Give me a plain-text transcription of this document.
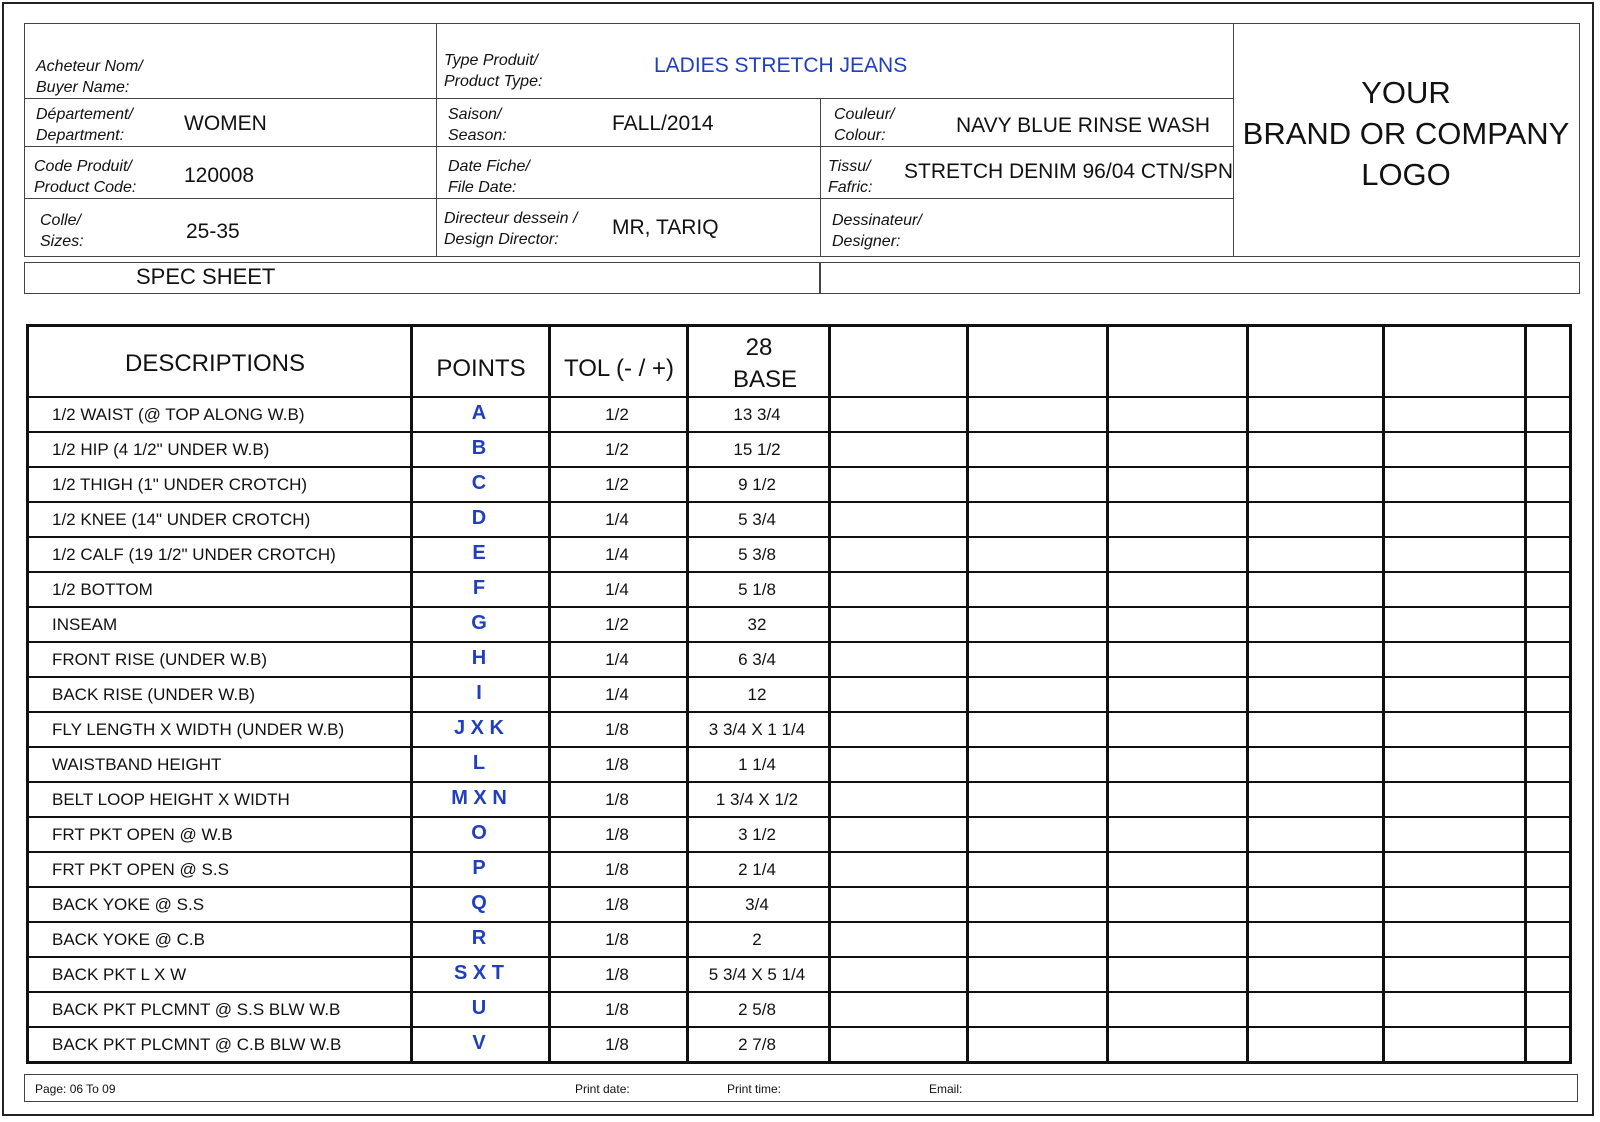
Acheteur Nom/
Buyer Name:
Type Produit/
Product Type:
LADIES STRETCH JEANS
Département/
Department:
WOMEN	Saison/
Season:
FALL/2014	Couleur/
Colour:	NAVY BLUE RINSE WASH
Code Produit/
Product Code:
120008	Date Fiche/
File Date:
Tissu/
Fafric:
STRETCH DENIM 96/04 CTN/SPN
Colle/
Sizes:	25-35
Directeur dessein /
Design Director:
MR, TARIQ	Dessinateur/
Designer:
YOUR
BRAND OR COMPANY
LOGO
SPEC SHEET
DESCRIPTIONS	POINTS	TOL (- / +)
28
BASE
1/2 WAIST (@ TOP ALONG W.B)	A	1/2	13 3/4
1/2 HIP (4 1/2" UNDER W.B)	B	1/2	15 1/2
1/2 THIGH (1" UNDER CROTCH)	C	1/2	9 1/2
1/2 KNEE (14" UNDER CROTCH)	D	1/4	5 3/4
1/2 CALF (19 1/2" UNDER CROTCH)	E	1/4	5 3/8
1/2 BOTTOM	F	1/4	5 1/8
INSEAM	G	1/2	32
FRONT RISE (UNDER W.B)	H	1/4	6 3/4
BACK RISE (UNDER W.B)	I	1/4	12
FLY LENGTH X WIDTH (UNDER W.B)	J X K	1/8	3 3/4 X 1 1/4
WAISTBAND HEIGHT	L	1/8	1 1/4
BELT LOOP HEIGHT X WIDTH	M X N	1/8	1 3/4 X 1/2
FRT PKT OPEN @ W.B	O	1/8	3 1/2
FRT PKT OPEN @ S.S	P	1/8	2 1/4
BACK YOKE @ S.S	Q	1/8	3/4
BACK YOKE @ C.B	R	1/8	2
BACK PKT L X W	S X T	1/8	5 3/4 X 5 1/4
BACK PKT PLCMNT @ S.S BLW W.B	U	1/8	2 5/8
BACK PKT PLCMNT @ C.B BLW W.B	V	1/8	2 7/8
Page: 06 To 09	Print date:	Print time:	Email:
